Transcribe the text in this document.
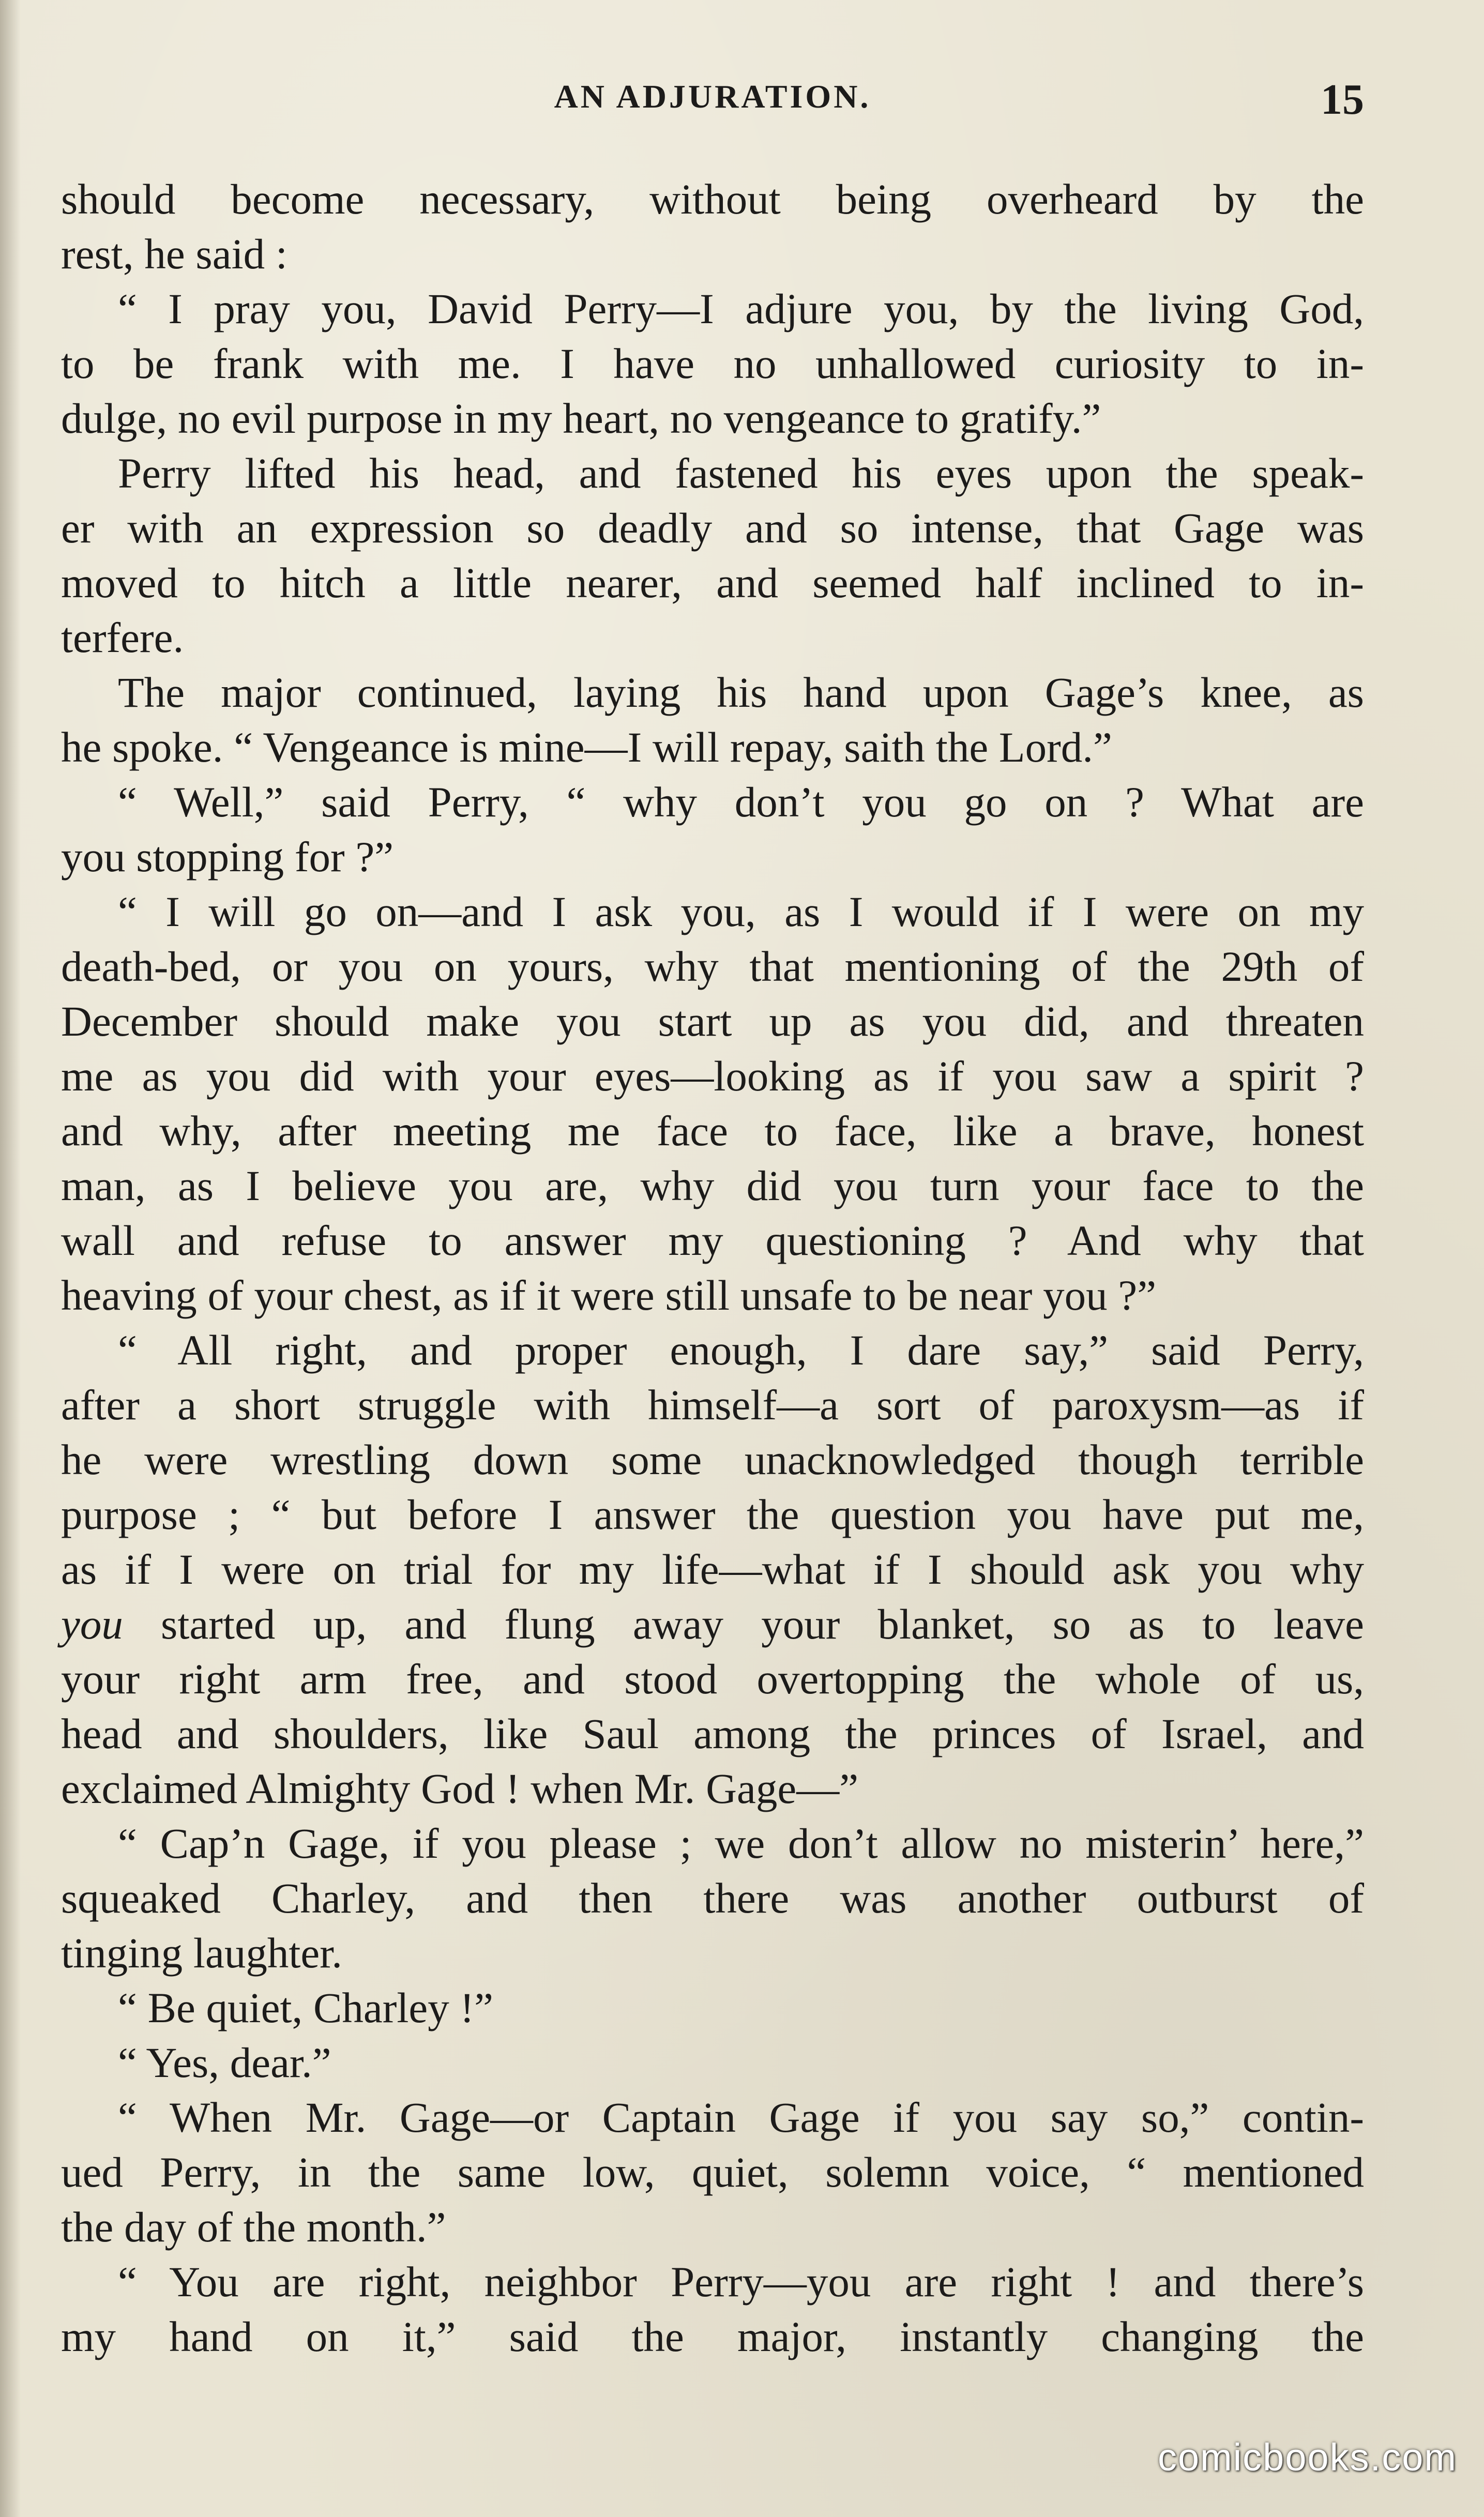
AN ADJURATION.	15
should become necessary, without being overheard by the
rest, he said :
“ I pray you, David Perry—I adjure you, by the living God,
to be frank with me. I have no unhallowed curiosity to in-
dulge, no evil purpose in my heart, no vengeance to gratify.”
Perry lifted his head, and fastened his eyes upon the speak-
er with an expression so deadly and so intense, that Gage was
moved to hitch a little nearer, and seemed half inclined to in-
terfere.
The major continued, laying his hand upon Gage’s knee, as
he spoke. “ Vengeance is mine—I will repay, saith the Lord.”
“ Well,” said Perry, “ why don’t you go on ? What are
you stopping for ?”
“ I will go on—and I ask you, as I would if I were on my
death-bed, or you on yours, why that mentioning of the 29th of
December should make you start up as you did, and threaten
me as you did with your eyes—looking as if you saw a spirit ?
and why, after meeting me face to face, like a brave, honest
man, as I believe you are, why did you turn your face to the
wall and refuse to answer my questioning ? And why that
heaving of your chest, as if it were still unsafe to be near you ?”
“ All right, and proper enough, I dare say,” said Perry,
after a short struggle with himself—a sort of paroxysm—as if
he were wrestling down some unacknowledged though terrible
purpose ; “ but before I answer the question you have put me,
as if I were on trial for my life—what if I should ask you why
you started up, and flung away your blanket, so as to leave
your right arm free, and stood overtopping the whole of us,
head and shoulders, like Saul among the princes of Israel, and
exclaimed Almighty God ! when Mr. Gage—”
“ Cap’n Gage, if you please ; we don’t allow no misterin’ here,”
squeaked Charley, and then there was another outburst of
tinging laughter.
“ Be quiet, Charley !”
“ Yes, dear.”
“ When Mr. Gage—or Captain Gage if you say so,” contin-
ued Perry, in the same low, quiet, solemn voice, “ mentioned
the day of the month.”
“ You are right, neighbor Perry—you are right ! and there’s
my hand on it,” said the major, instantly changing the
comicbooks.com
